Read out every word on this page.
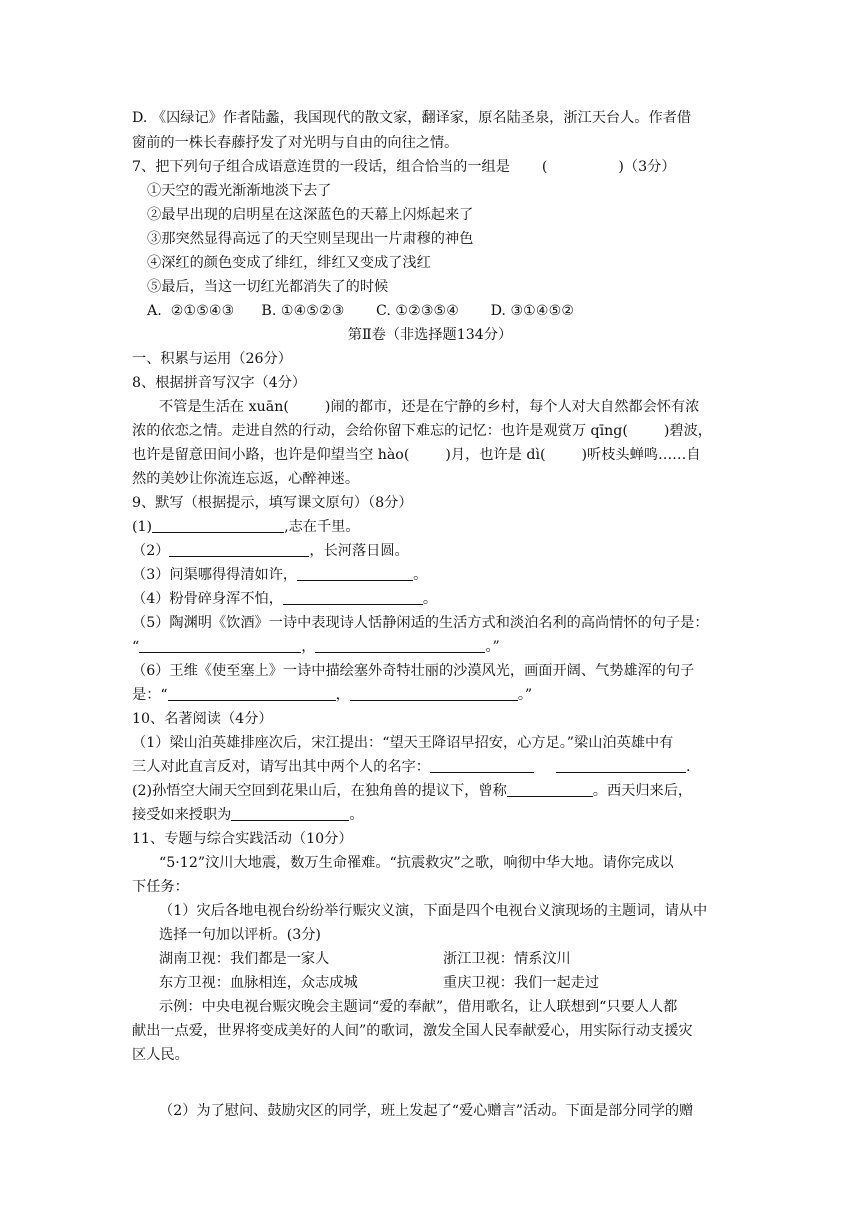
D. 《囚绿记》作者陆蠡，我国现代的散文家，翻译家，原名陆圣泉，浙江天台人。作者借
窗前的一株长春藤抒发了对光明与自由的向往之情。
7、把下列句子组合成语意连贯的一段话，组合恰当的一组是 (　　　　　)（3分）
①天空的霞光渐渐地淡下去了
②最早出现的启明星在这深蓝色的天幕上闪烁起来了
③那突然显得高远了的天空则呈现出一片肃穆的神色
④深红的颜色变成了绯红，绯红又变成了浅红
⑤最后，当这一切红光都消失了的时候
A.  ②①⑤④③      B. ①④⑤②③       C. ①②③⑤④       D. ③①④⑤②
第Ⅱ卷（非选择题134分）
一、积累与运用（26分）
8、根据拼音写汉字（4分）
不管是生活在 xuān(	)闹的都市，还是在宁静的乡村，每个人对大自然都会怀有浓
浓的依恋之情。走进自然的行动，会给你留下难忘的记忆：也许是观赏万 qīng(	)碧波，
也许是留意田间小路，也许是仰望当空 hào(	)月，也许是 dì(	)听枝头蝉鸣……自
然的美妙让你流连忘返，心醉神迷。
9、默写（根据提示，填写课文原句）（8分）
(1)	,志在千里。
（2）	，长河落日圆。
（3）问渠哪得得清如许，	。
（4）粉骨碎身浑不怕，	。
（5）陶渊明《饮酒》一诗中表现诗人恬静闲适的生活方式和淡泊名利的高尚情怀的句子是：
“	，	。”
（6）王维《使至塞上》一诗中描绘塞外奇特壮丽的沙漠风光，画面开阔、气势雄浑的句子
是：“	，	。”
10、名著阅读（4分）
（1）梁山泊英雄排座次后，宋江提出：“望天王降诏早招安，心方足。”梁山泊英雄中有
三人对此直言反对，请写出其中两个人的名字：	.
(2)孙悟空大闹天空回到花果山后，在独角兽的提议下，曾称	。西天归来后，
接受如来授职为	。
11、专题与综合实践活动（10分）
“5·12”汶川大地震，数万生命罹难。“抗震救灾”之歌，响彻中华大地。请你完成以
下任务：
（1）灾后各地电视台纷纷举行赈灾义演，下面是四个电视台义演现场的主题词，请从中
选择一句加以评析。(3分)
湖南卫视：我们都是一家人	浙江卫视：情系汶川
东方卫视：血脉相连，众志成城	重庆卫视：我们一起走过
示例：中央电视台赈灾晚会主题词“爱的奉献”，借用歌名，让人联想到“只要人人都
献出一点爱，世界将变成美好的人间”的歌词，激发全国人民奉献爱心，用实际行动支援灾
区人民。
（2）为了慰问、鼓励灾区的同学，班上发起了“爱心赠言”活动。下面是部分同学的赠
